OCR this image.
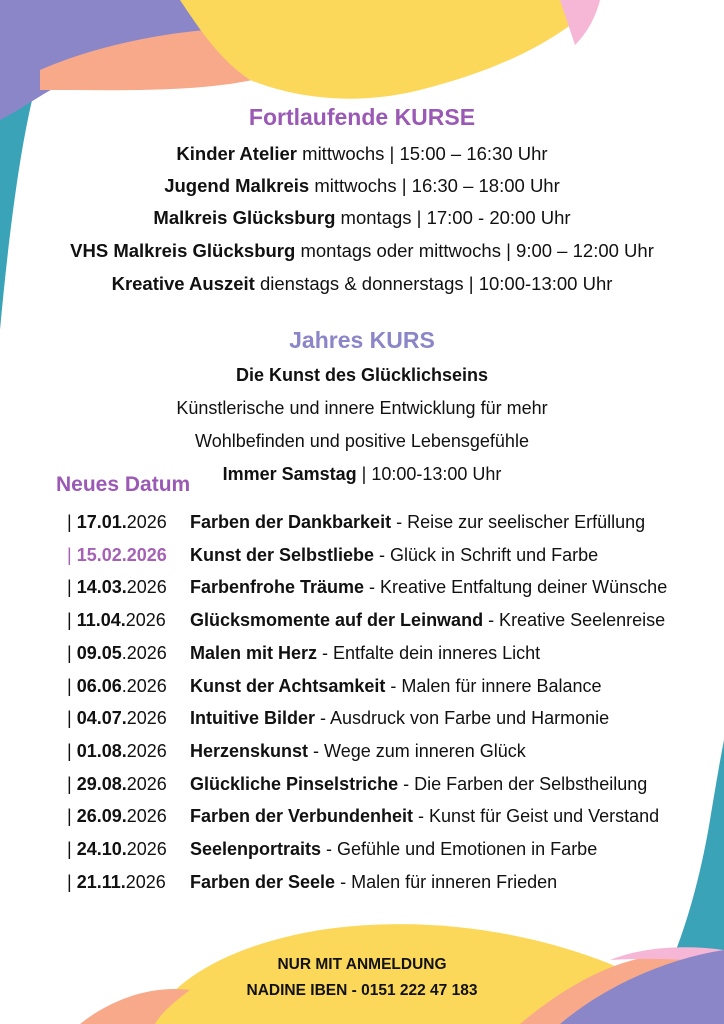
Fortlaufende KURSE
Kinder Atelier mittwochs | 15:00 – 16:30 Uhr
Jugend Malkreis mittwochs | 16:30 – 18:00 Uhr
Malkreis Glücksburg montags | 17:00 - 20:00 Uhr
VHS Malkreis Glücksburg montags oder mittwochs | 9:00 – 12:00 Uhr
Kreative Auszeit dienstags & donnerstags | 10:00-13:00 Uhr
Jahres KURS
Die Kunst des Glücklichseins
Künstlerische und innere Entwicklung für mehr
Wohlbefinden und positive Lebensgefühle
Immer Samstag | 10:00-13:00 Uhr
Neues Datum
| 17.01.2026 Farben der Dankbarkeit - Reise zur seelischer Erfüllung
| 15.02.2026 Kunst der Selbstliebe - Glück in Schrift und Farbe
| 14.03.2026 Farbenfrohe Träume - Kreative Entfaltung deiner Wünsche
| 11.04.2026 Glücksmomente auf der Leinwand - Kreative Seelenreise
| 09.05.2026 Malen mit Herz - Entfalte dein inneres Licht
| 06.06.2026 Kunst der Achtsamkeit - Malen für innere Balance
| 04.07.2026 Intuitive Bilder - Ausdruck von Farbe und Harmonie
| 01.08.2026 Herzenskunst - Wege zum inneren Glück
| 29.08.2026 Glückliche Pinselstriche - Die Farben der Selbstheilung
| 26.09.2026 Farben der Verbundenheit - Kunst für Geist und Verstand
| 24.10.2026 Seelenportraits - Gefühle und Emotionen in Farbe
| 21.11.2026 Farben der Seele - Malen für inneren Frieden
NUR MIT ANMELDUNG
NADINE IBEN - 0151 222 47 183
